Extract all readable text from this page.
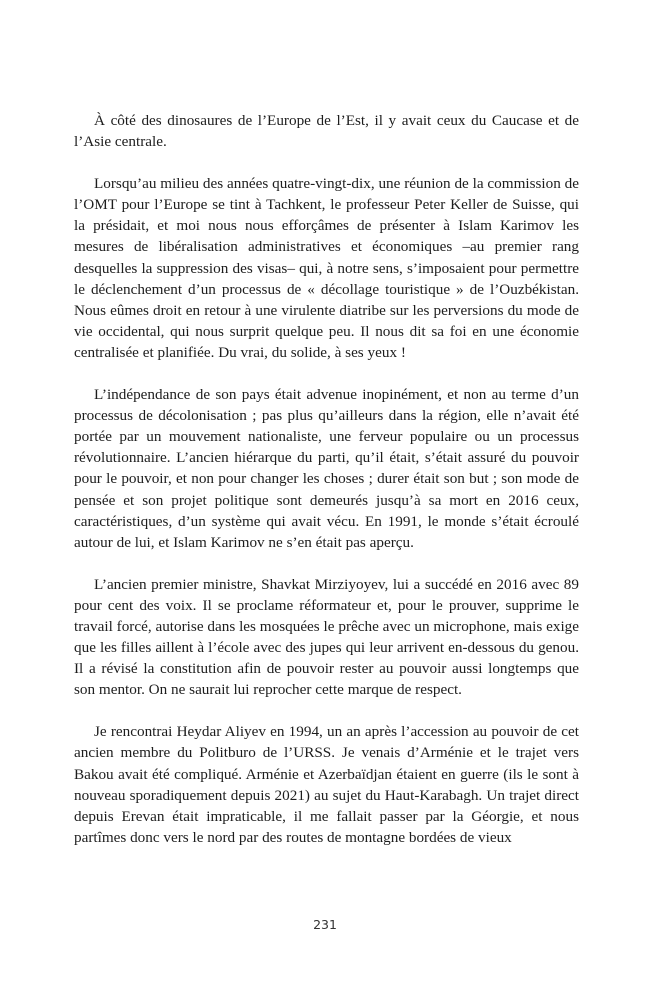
À côté des dinosaures de l’Europe de l’Est, il y avait ceux du Caucase et de l’Asie centrale.

Lorsqu’au milieu des années quatre-vingt-dix, une réunion de la commission de l’OMT pour l’Europe se tint à Tachkent, le professeur Peter Keller de Suisse, qui la présidait, et moi nous nous efforçâmes de présenter à Islam Karimov les mesures de libéralisation administratives et économiques –au premier rang desquelles la suppression des visas– qui, à notre sens, s’imposaient pour permettre le déclenchement d’un processus de « décollage touristique » de l’Ouzbékistan. Nous eûmes droit en retour à une virulente diatribe sur les perversions du mode de vie occidental, qui nous surprit quelque peu. Il nous dit sa foi en une économie centralisée et planifiée. Du vrai, du solide, à ses yeux !

L’indépendance de son pays était advenue inopinément, et non au terme d’un processus de décolonisation ; pas plus qu’ailleurs dans la région, elle n’avait été portée par un mouvement nationaliste, une ferveur populaire ou un processus révolutionnaire. L’ancien hiérarque du parti, qu’il était, s’était assuré du pouvoir pour le pouvoir, et non pour changer les choses ; durer était son but ; son mode de pensée et son projet politique sont demeurés jusqu’à sa mort en 2016 ceux, caractéristiques, d’un système qui avait vécu. En 1991, le monde s’était écroulé autour de lui, et Islam Karimov ne s’en était pas aperçu.

L’ancien premier ministre, Shavkat Mirziyoyev, lui a succédé en 2016 avec 89 pour cent des voix. Il se proclame réformateur et, pour le prouver, supprime le travail forcé, autorise dans les mosquées le prêche avec un microphone, mais exige que les filles aillent à l’école avec des jupes qui leur arrivent en-dessous du genou. Il a révisé la constitution afin de pouvoir rester au pouvoir aussi longtemps que son mentor. On ne saurait lui reprocher cette marque de respect.

Je rencontrai Heydar Aliyev en 1994, un an après l’accession au pouvoir de cet ancien membre du Politburo de l’URSS. Je venais d’Arménie et le trajet vers Bakou avait été compliqué. Arménie et Azerbaïdjan étaient en guerre (ils le sont à nouveau sporadiquement depuis 2021) au sujet du Haut-Karabagh. Un trajet direct depuis Erevan était impraticable, il me fallait passer par la Géorgie, et nous partîmes donc vers le nord par des routes de montagne bordées de vieux

231
